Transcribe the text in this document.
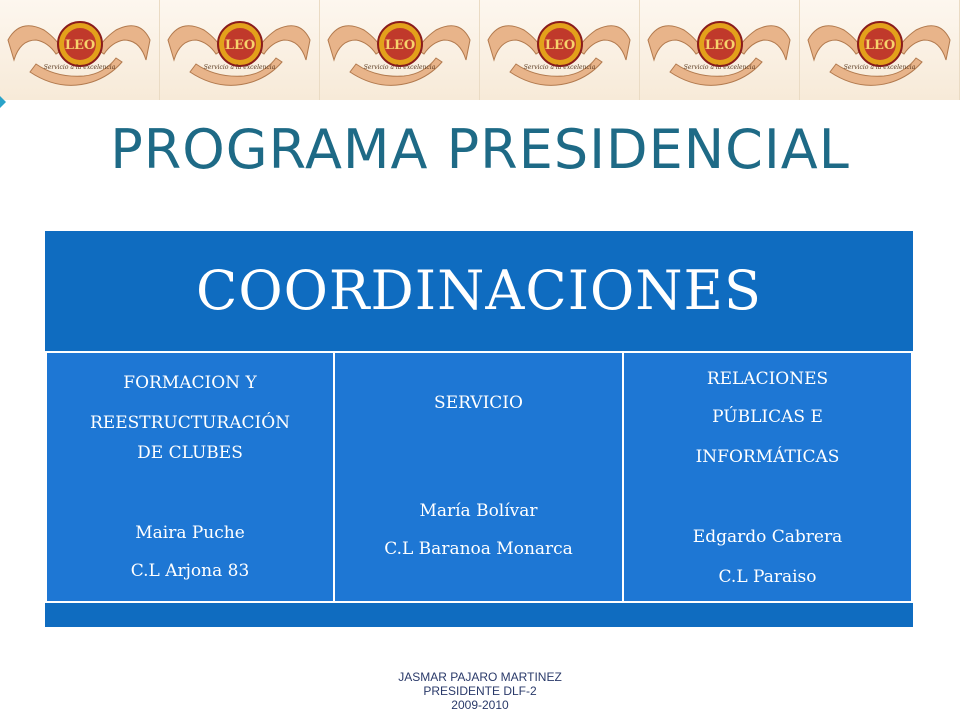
LEO
Servicio a la excelencia
LEO
Servicio a la excelencia
LEO
Servicio a la excelencia
LEO
Servicio a la excelencia
LEO
Servicio a la excelencia
LEO
Servicio a la excelencia
PROGRAMA PRESIDENCIAL
COORDINACIONES
FORMACION Y
REESTRUCTURACIÓN
DE CLUBES
Maira Puche
C.L Arjona 83
SERVICIO
María Bolívar
C.L Baranoa Monarca
RELACIONES
PÚBLICAS E
INFORMÁTICAS
Edgardo Cabrera
C.L Paraiso
JASMAR PAJARO MARTINEZ
PRESIDENTE DLF-2
2009-2010
